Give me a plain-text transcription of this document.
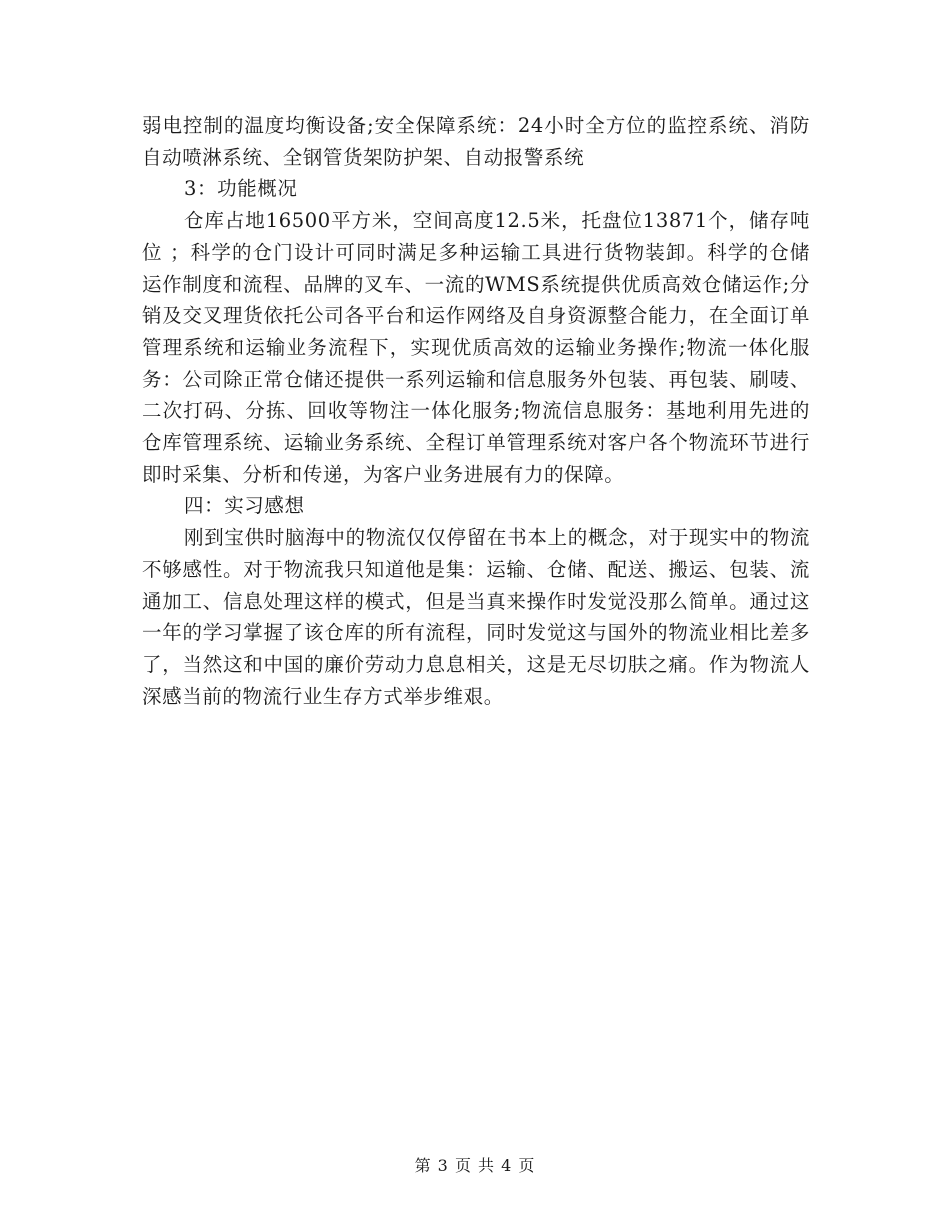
弱电控制的温度均衡设备;安全保障系统：24小时全方位的监控系统、消防自动喷淋系统、全钢管货架防护架、自动报警系统

3：功能概况

仓库占地16500平方米，空间高度12.5米，托盘位13871个，储存吨位 ；科学的仓门设计可同时满足多种运输工具进行货物装卸。科学的仓储运作制度和流程、品牌的叉车、一流的WMS系统提供优质高效仓储运作;分销及交叉理货依托公司各平台和运作网络及自身资源整合能力，在全面订单管理系统和运输业务流程下，实现优质高效的运输业务操作;物流一体化服务：公司除正常仓储还提供一系列运输和信息服务外包装、再包装、刷唛、二次打码、分拣、回收等物注一体化服务;物流信息服务：基地利用先进的仓库管理系统、运输业务系统、全程订单管理系统对客户各个物流环节进行即时采集、分析和传递，为客户业务进展有力的保障。

四：实习感想

刚到宝供时脑海中的物流仅仅停留在书本上的概念，对于现实中的物流不够感性。对于物流我只知道他是集：运输、仓储、配送、搬运、包装、流通加工、信息处理这样的模式，但是当真来操作时发觉没那么简单。通过这一年的学习掌握了该仓库的所有流程，同时发觉这与国外的物流业相比差多了，当然这和中国的廉价劳动力息息相关，这是无尽切肤之痛。作为物流人深感当前的物流行业生存方式举步维艰。

第 3 页 共 4 页
